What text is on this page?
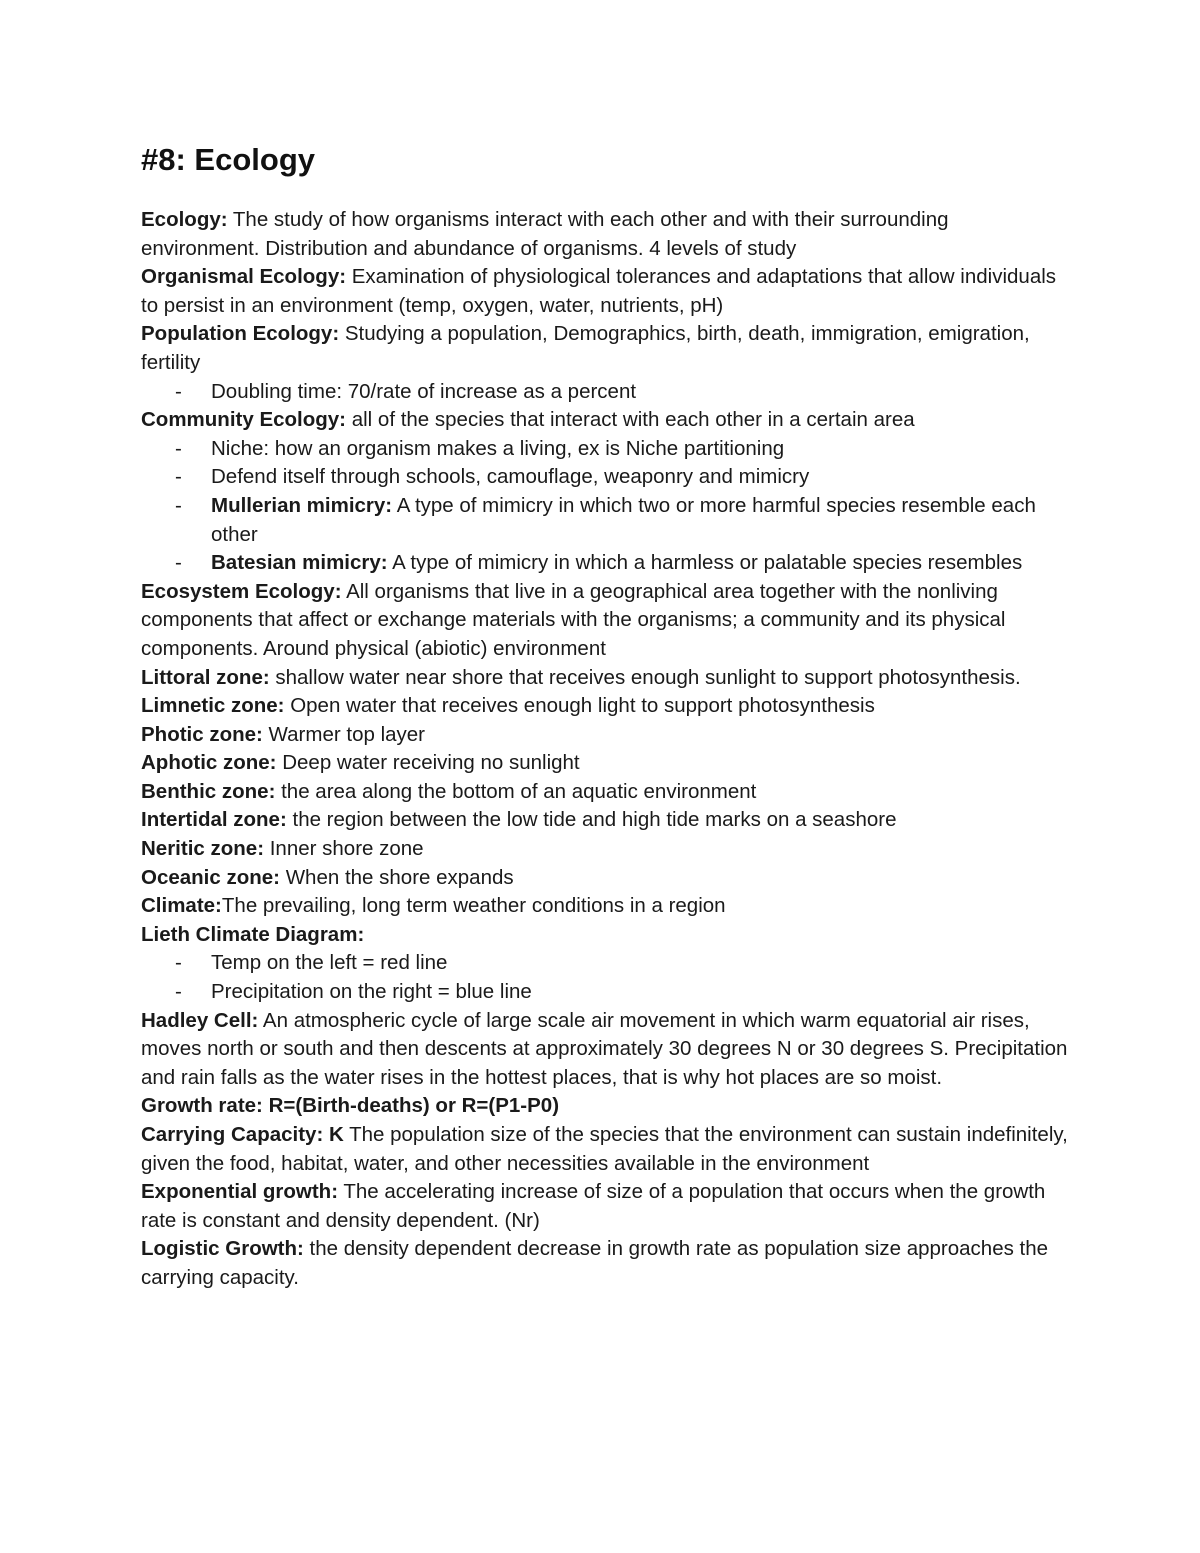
#8: Ecology

Ecology: The study of how organisms interact with each other and with their surrounding environment. Distribution and abundance of organisms. 4 levels of study

Organismal Ecology: Examination of physiological tolerances and adaptations that allow individuals to persist in an environment (temp, oxygen, water, nutrients, pH)

Population Ecology: Studying a population, Demographics, birth, death, immigration, emigration, fertility

- Doubling time: 70/rate of increase as a percent

Community Ecology: all of the species that interact with each other in a certain area

- Niche: how an organism makes a living, ex is Niche partitioning
- Defend itself through schools, camouflage, weaponry and mimicry
- Mullerian mimicry: A type of mimicry in which two or more harmful species resemble each other
- Batesian mimicry: A type of mimicry in which a harmless or palatable species resembles

Ecosystem Ecology: All organisms that live in a geographical area together with the nonliving components that affect or exchange materials with the organisms; a community and its physical components. Around physical (abiotic) environment

Littoral zone: shallow water near shore that receives enough sunlight to support photosynthesis.

Limnetic zone: Open water that receives enough light to support photosynthesis

Photic zone: Warmer top layer

Aphotic zone: Deep water receiving no sunlight

Benthic zone: the area along the bottom of an aquatic environment

Intertidal zone: the region between the low tide and high tide marks on a seashore

Neritic zone: Inner shore zone

Oceanic zone: When the shore expands

Climate:The prevailing, long term weather conditions in a region

Lieth Climate Diagram:

- Temp on the left = red line
- Precipitation on the right = blue line

Hadley Cell: An atmospheric cycle of large scale air movement in which warm equatorial air rises, moves north or south and then descents at approximately 30 degrees N or 30 degrees S. Precipitation and rain falls as the water rises in the hottest places, that is why hot places are so moist.

Growth rate: R=(Birth-deaths) or R=(P1-P0)

Carrying Capacity: K The population size of the species that the environment can sustain indefinitely, given the food, habitat, water, and other necessities available in the environment

Exponential growth: The accelerating increase of size of a population that occurs when the growth rate is constant and density dependent. (Nr)

Logistic Growth: the density dependent decrease in growth rate as population size approaches the carrying capacity.
